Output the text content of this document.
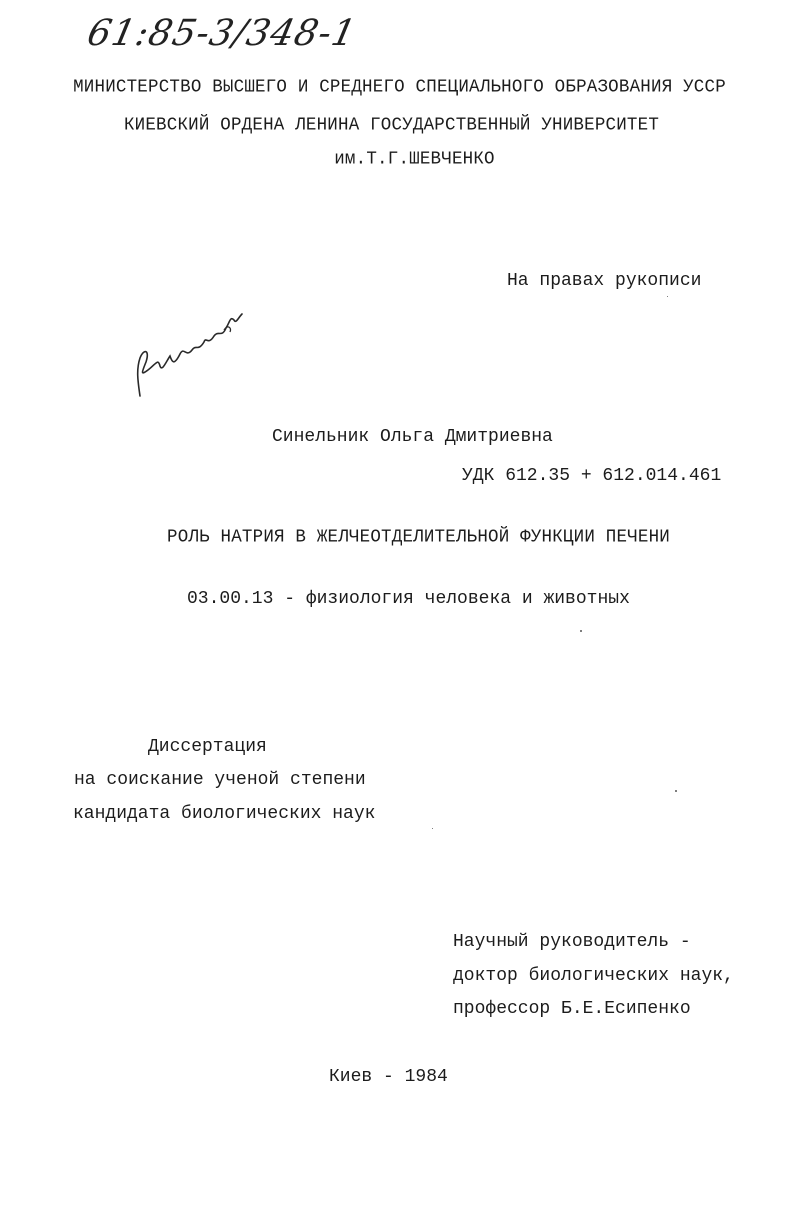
61:85-3/348-1
МИНИСТЕРСТВО ВЫСШЕГО И СРЕДНЕГО СПЕЦИАЛЬНОГО ОБРАЗОВАНИЯ УССР
КИЕВСКИЙ ОРДЕНА ЛЕНИНА ГОСУДАРСТВЕННЫЙ УНИВЕРСИТЕТ
им.Т.Г.ШЕВЧЕНКО
На правах рукописи
Синельник Ольга Дмитриевна
УДК 612.35 + 612.014.461
РОЛЬ НАТРИЯ В ЖЕЛЧЕОТДЕЛИТЕЛЬНОЙ ФУНКЦИИ ПЕЧЕНИ
03.00.13 - физиология человека и животных
Диссертация
на соискание ученой степени
кандидата биологических наук
Научный руководитель -
доктор биологических наук,
профессор Б.Е.Есипенко
Киев - 1984
